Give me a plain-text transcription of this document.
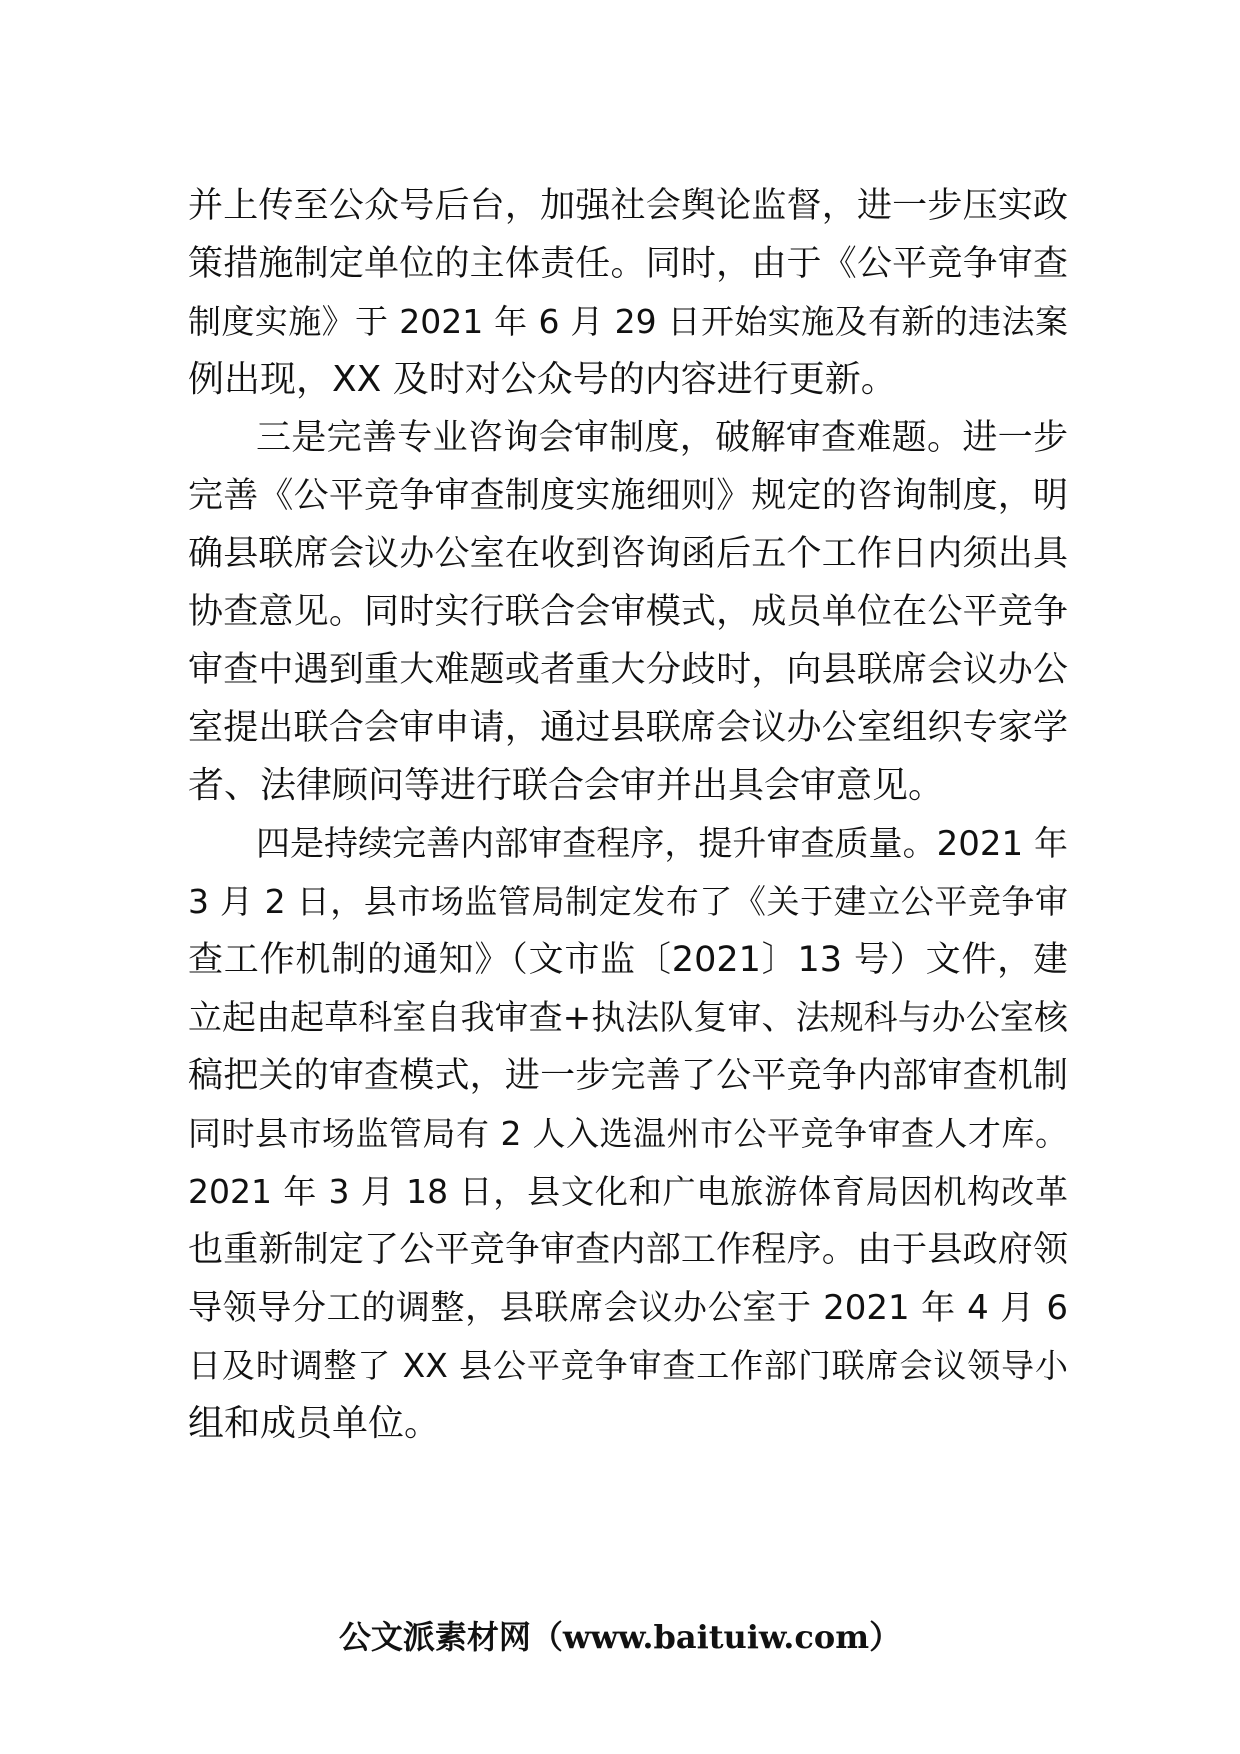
并上传至公众号后台，加强社会舆论监督，进一步压实政
策措施制定单位的主体责任。同时，由于《公平竞争审查
制度实施》于 2021 年 6 月 29 日开始实施及有新的违法案
例出现，XX 及时对公众号的内容进行更新。
三是完善专业咨询会审制度，破解审查难题。进一步
完善《公平竞争审查制度实施细则》规定的咨询制度，明
确县联席会议办公室在收到咨询函后五个工作日内须出具
协查意见。同时实行联合会审模式，成员单位在公平竞争
审查中遇到重大难题或者重大分歧时，向县联席会议办公
室提出联合会审申请，通过县联席会议办公室组织专家学
者、法律顾问等进行联合会审并出具会审意见。
四是持续完善内部审查程序，提升审查质量。2021 年
3 月 2 日，县市场监管局制定发布了《关于建立公平竞争审
查工作机制的通知》（文市监〔2021〕13 号）文件，建
立起由起草科室自我审查+执法队复审、法规科与办公室核
稿把关的审查模式，进一步完善了公平竞争内部审查机制
同时县市场监管局有 2 人入选温州市公平竞争审查人才库。
2021 年 3 月 18 日，县文化和广电旅游体育局因机构改革
也重新制定了公平竞争审查内部工作程序。由于县政府领
导领导分工的调整，县联席会议办公室于 2021 年 4 月 6
日及时调整了 XX 县公平竞争审查工作部门联席会议领导小
组和成员单位。
公文派素材网（www.baituiw.com）
